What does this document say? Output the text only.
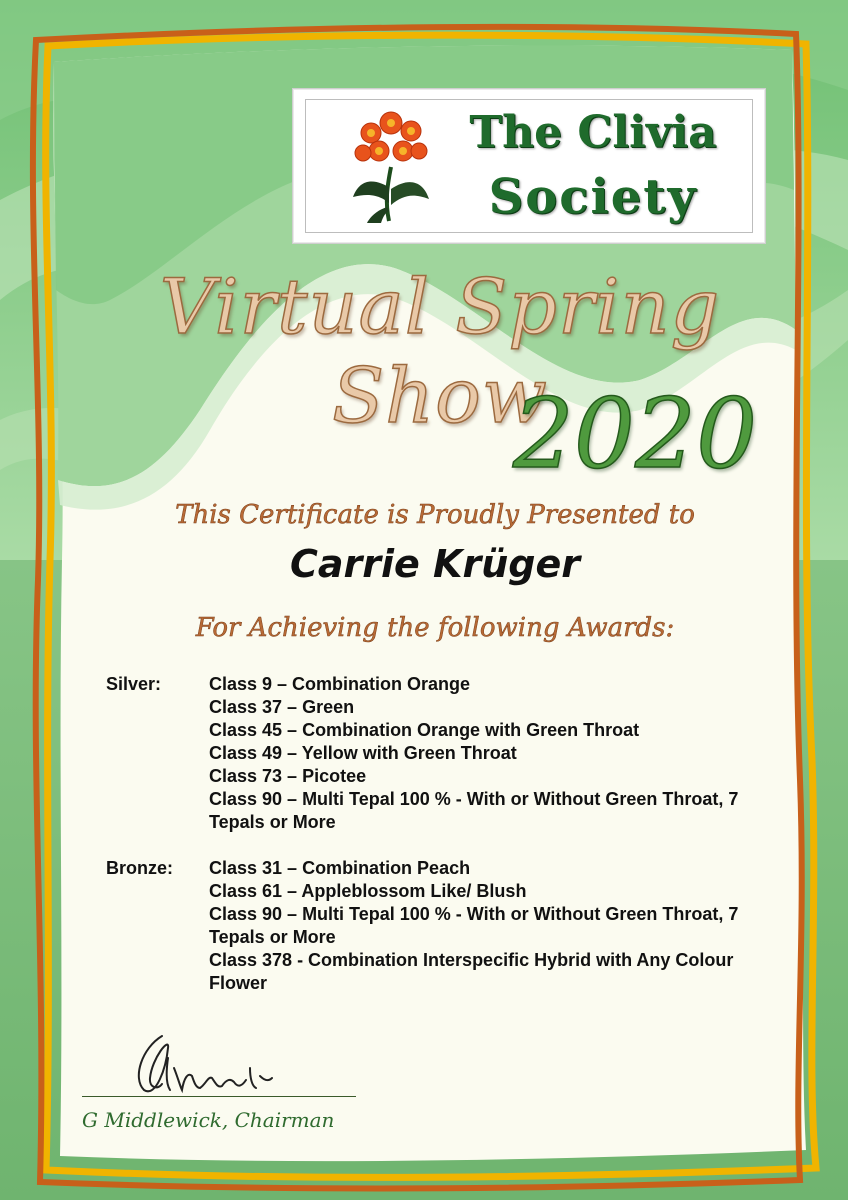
The Clivia
Society
Virtual Spring Show
2020
This Certificate is Proudly Presented to
Carrie Krüger
For Achieving the following Awards:
Silver:	Class 9 – Combination Orange
Class 37 – Green
Class 45 – Combination Orange with Green Throat
Class 49 – Yellow with Green Throat
Class 73 – Picotee
Class 90 – Multi Tepal 100 % - With or Without Green Throat, 7 Tepals or More
Bronze:	Class 31 – Combination Peach
Class 61 – Appleblossom Like/ Blush
Class 90 – Multi Tepal 100 % - With or Without Green Throat, 7 Tepals or More
Class 378 - Combination Interspecific Hybrid with Any Colour Flower
G Middlewick, Chairman
